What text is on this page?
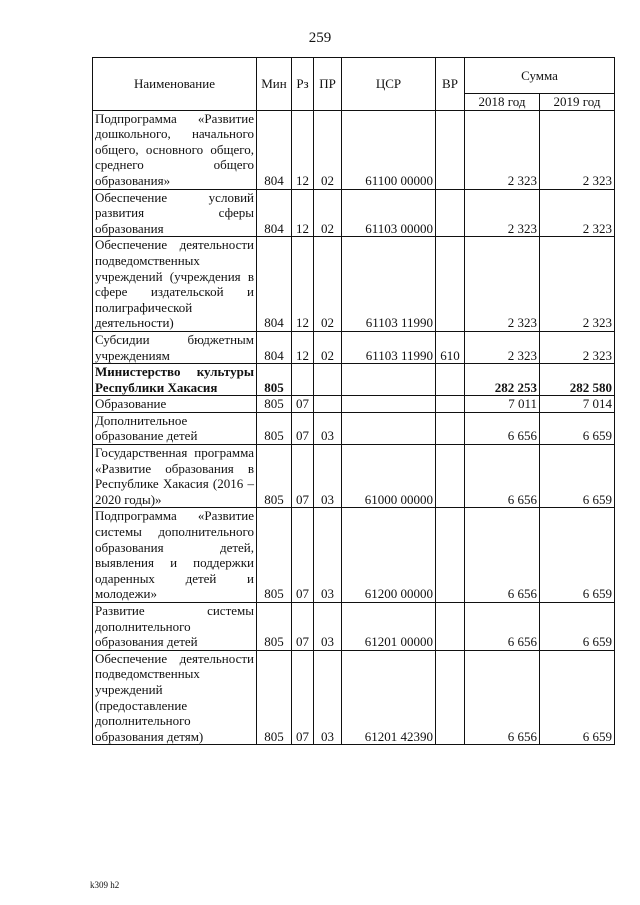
259
Наименование	Мин	Рз	ПР	ЦСР	ВР	Сумма	
						2018 год	2019 год
Подпрограмма «Развитие дошкольного, начального общего, основного общего, среднего общего образования»	804	12	02	61100 00000		2 323	2 323
Обеспечение условий развития сферы образования	804	12	02	61103 00000		2 323	2 323
Обеспечение деятельности подведомственных учреждений (учреждения в сфере издательской и полиграфической деятельности)	804	12	02	61103 11990		2 323	2 323
Субсидии бюджетным учреждениям	804	12	02	61103 11990	610	2 323	2 323
Министерство культуры Республики Хакасия	805					282 253	282 580
Образование	805	07				7 011	7 014
Дополнительное образование детей	805	07	03			6 656	6 659
Государственная программа «Развитие образования в Республике Хакасия (2016 – 2020 годы)»	805	07	03	61000 00000		6 656	6 659
Подпрограмма «Развитие системы дополнительного образования детей, выявления и поддержки одаренных детей и молодежи»	805	07	03	61200 00000		6 656	6 659
Развитие системы дополнительного образования детей	805	07	03	61201 00000		6 656	6 659
Обеспечение деятельности подведомственных учреждений (предоставление дополнительного образования детям)	805	07	03	61201 42390		6 656	6 659
k309 h2
